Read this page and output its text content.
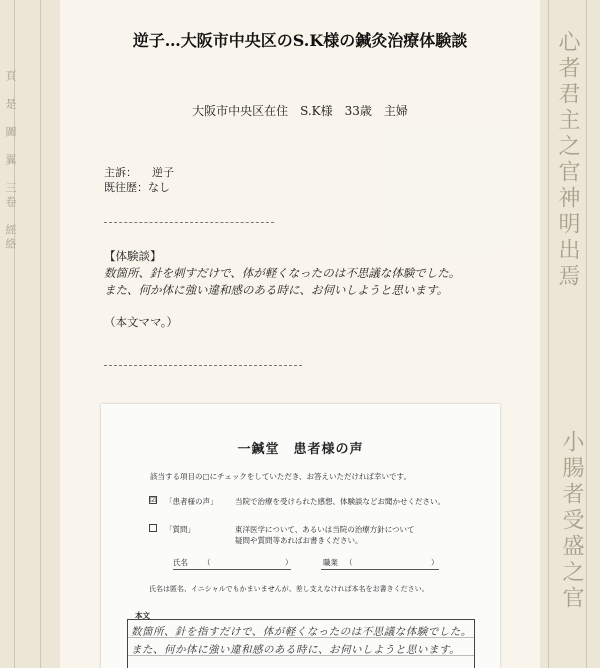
頁　是　圖　翼　三卷　經絡	心者君主之官神明出焉
小腸者受盛之官
逆子…大阪市中央区のS.K様の鍼灸治療体験談
大阪市中央区在住　S.K様　33歳　主婦
主訴：	逆子
既往歴： なし
【体験談】
数箇所、針を刺すだけで、体が軽くなったのは不思議な体験でした。
また、何か体に強い違和感のある時に、お伺いしようと思います。
（本文ママ。）
一鍼堂　患者様の声
該当する項目の□にチェックをしていただき、お答えいただければ幸いです。
☑ 「患者様の声」	当院で治療を受けられた感想、体験談などお聞かせください。
「質問」	東洋医学について、あるいは当院の治療方針について
疑問や質問等あればお書きください。
氏名 （	）	職業 （	）
氏名は匿名、イニシャルでもかまいませんが、差し支えなければ本名をお書きください。
本文
数箇所、針を指すだけで、体が軽くなったのは不思議な体験でした。
また、何か体に強い違和感のある時に、お伺いしようと思います。
